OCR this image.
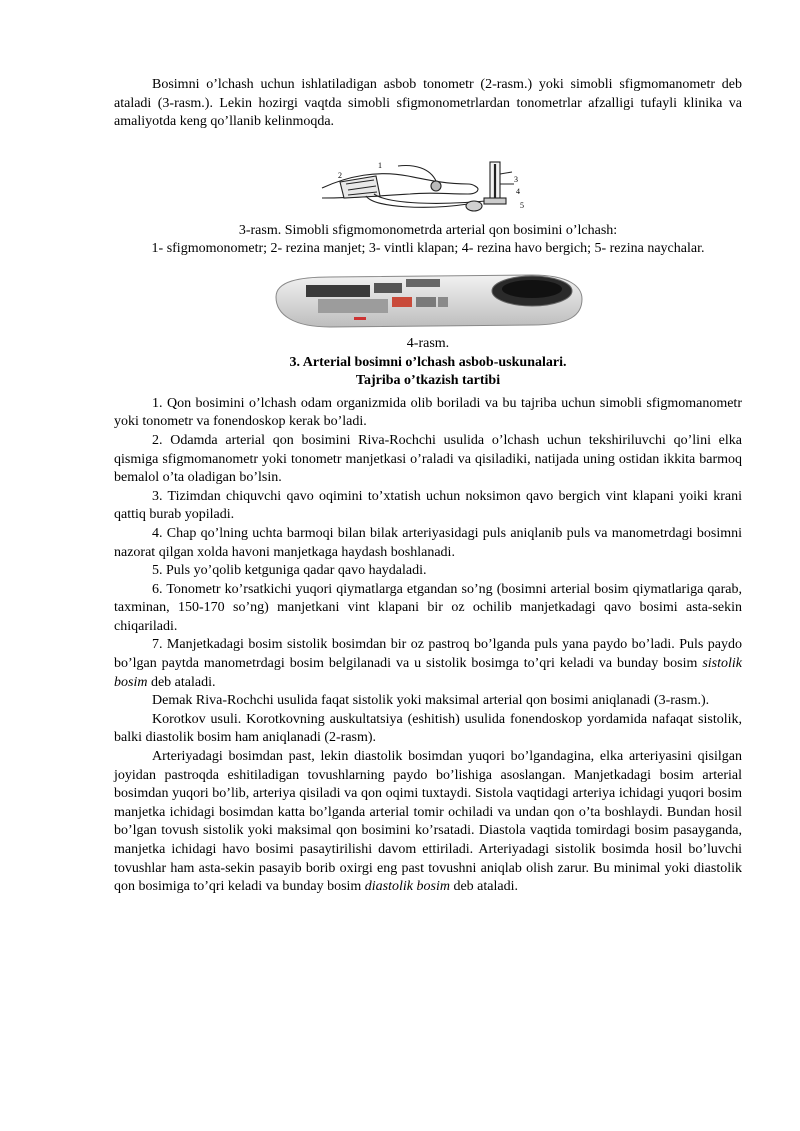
Bosimni o’lchash uchun ishlatiladigan asbob tonometr (2-rasm.) yoki simobli sfigmomanometr deb ataladi (3-rasm.). Lekin hozirgi vaqtda simobli sfigmonometrlardan tonometrlar afzalligi tufayli klinika va amaliyotda keng qo’llanib kelinmoqda.

1
2	3
4
5

3-rasm. Simobli sfigmomonometrda arterial qon bosimini o’lchash:

1- sfigmomonometr; 2- rezina manjet; 3- vintli klapan; 4- rezina havo bergich; 5- rezina naychalar.

4-rasm.

3. Arterial bosimni o’lchash asbob-uskunalari.

Tajriba o’tkazish tartibi

1. Qon bosimini o’lchash odam organizmida olib boriladi va bu tajriba uchun simobli sfigmomanometr yoki tonometr va fonendoskop kerak bo’ladi.

2. Odamda arterial qon bosimini Riva-Rochchi usulida o’lchash uchun tekshiriluvchi qo’lini elka qismiga sfigmomanometr yoki tonometr manjetkasi o’raladi va qisiladiki, natijada uning ostidan ikkita barmoq bemalol o’ta oladigan bo’lsin.

3. Tizimdan chiquvchi qavo oqimini to’xtatish uchun noksimon qavo bergich vint klapani yoiki krani qattiq burab yopiladi.

4. Chap qo’lning uchta barmoqi bilan bilak arteriyasidagi puls aniqlanib puls va manometrdagi bosimni nazorat qilgan xolda havoni manjetkaga haydash boshlanadi.

5. Puls yo’qolib ketguniga qadar qavo haydaladi.

6. Tonometr ko’rsatkichi yuqori qiymatlarga etgandan so’ng (bosimni arterial bosim qiymatlariga qarab, taxminan, 150-170 so’ng) manjetkani vint klapani bir oz ochilib manjetkadagi qavo bosimi asta-sekin chiqariladi.

7. Manjetkadagi bosim sistolik bosimdan bir oz pastroq bo’lganda puls yana paydo bo’ladi. Puls paydo bo’lgan paytda manometrdagi bosim belgilanadi va u sistolik bosimga to’qri keladi va bunday bosim sistolik bosim deb ataladi.

Demak Riva-Rochchi usulida faqat sistolik yoki maksimal arterial qon bosimi aniqlanadi (3-rasm.).

Korotkov usuli. Korotkovning auskultatsiya (eshitish) usulida fonendoskop yordamida nafaqat sistolik, balki diastolik bosim ham aniqlanadi (2-rasm).

Arteriyadagi bosimdan past, lekin diastolik bosimdan yuqori bo’lgandagina, elka arteriyasini qisilgan joyidan pastroqda eshitiladigan tovushlarning paydo bo’lishiga asoslangan. Manjetkadagi bosim arterial bosimdan yuqori bo’lib, arteriya qisiladi va qon oqimi tuxtaydi. Sistola vaqtidagi arteriya ichidagi yuqori bosim manjetka ichidagi bosimdan katta bo’lganda arterial tomir ochiladi va undan qon o’ta boshlaydi. Bundan hosil bo’lgan tovush sistolik yoki maksimal qon bosimini ko’rsatadi. Diastola vaqtida tomirdagi bosim pasayganda, manjetka ichidagi havo bosimi pasaytirilishi davom ettiriladi. Arteriyadagi sistolik bosimda hosil bo’luvchi tovushlar ham asta-sekin pasayib borib oxirgi eng past tovushni aniqlab olish zarur. Bu minimal yoki diastolik qon bosimiga to’qri keladi va bunday bosim diastolik bosim deb ataladi.
